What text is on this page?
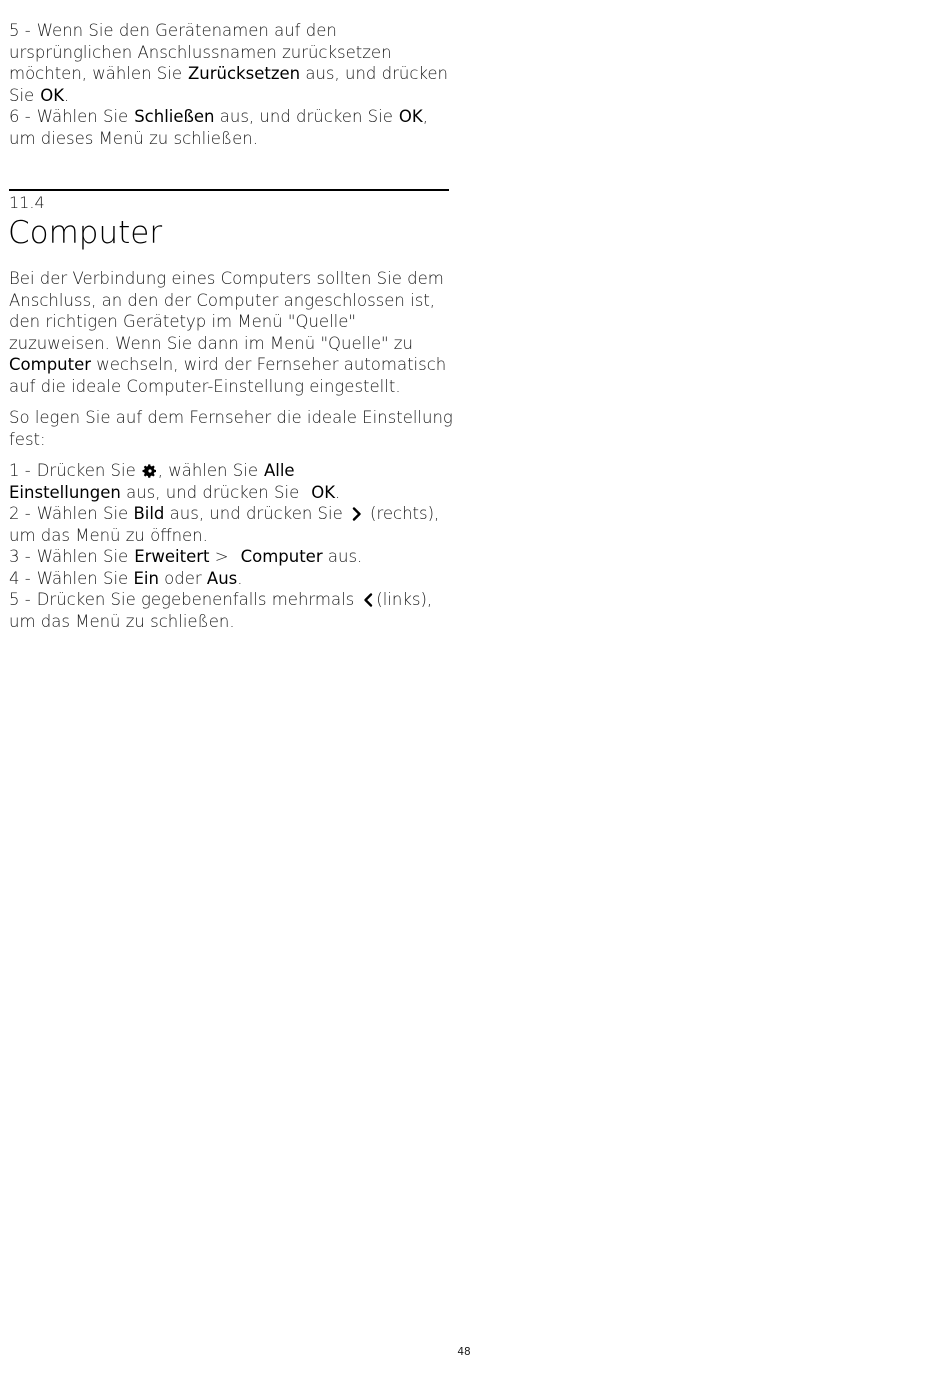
5 - Wenn Sie den Gerätenamen auf den
ursprünglichen Anschlussnamen zurücksetzen
möchten, wählen Sie Zurücksetzen aus, und drücken
Sie OK.
6 - Wählen Sie Schließen aus, und drücken Sie OK,
um dieses Menü zu schließen.
11.4
Computer
Bei der Verbindung eines Computers sollten Sie dem
Anschluss, an den der Computer angeschlossen ist,
den richtigen Gerätetyp im Menü "Quelle"
zuzuweisen. Wenn Sie dann im Menü "Quelle" zu
Computer wechseln, wird der Fernseher automatisch
auf die ideale Computer-Einstellung eingestellt.
So legen Sie auf dem Fernseher die ideale Einstellung
fest:
1 - Drücken Sie , wählen Sie Alle
Einstellungen aus, und drücken Sie OK.
2 - Wählen Sie Bild aus, und drücken Sie (rechts),
um das Menü zu öffnen.
3 - Wählen Sie Erweitert > Computer aus.
4 - Wählen Sie Ein oder Aus.
5 - Drücken Sie gegebenenfalls mehrmals (links),
um das Menü zu schließen.
48
